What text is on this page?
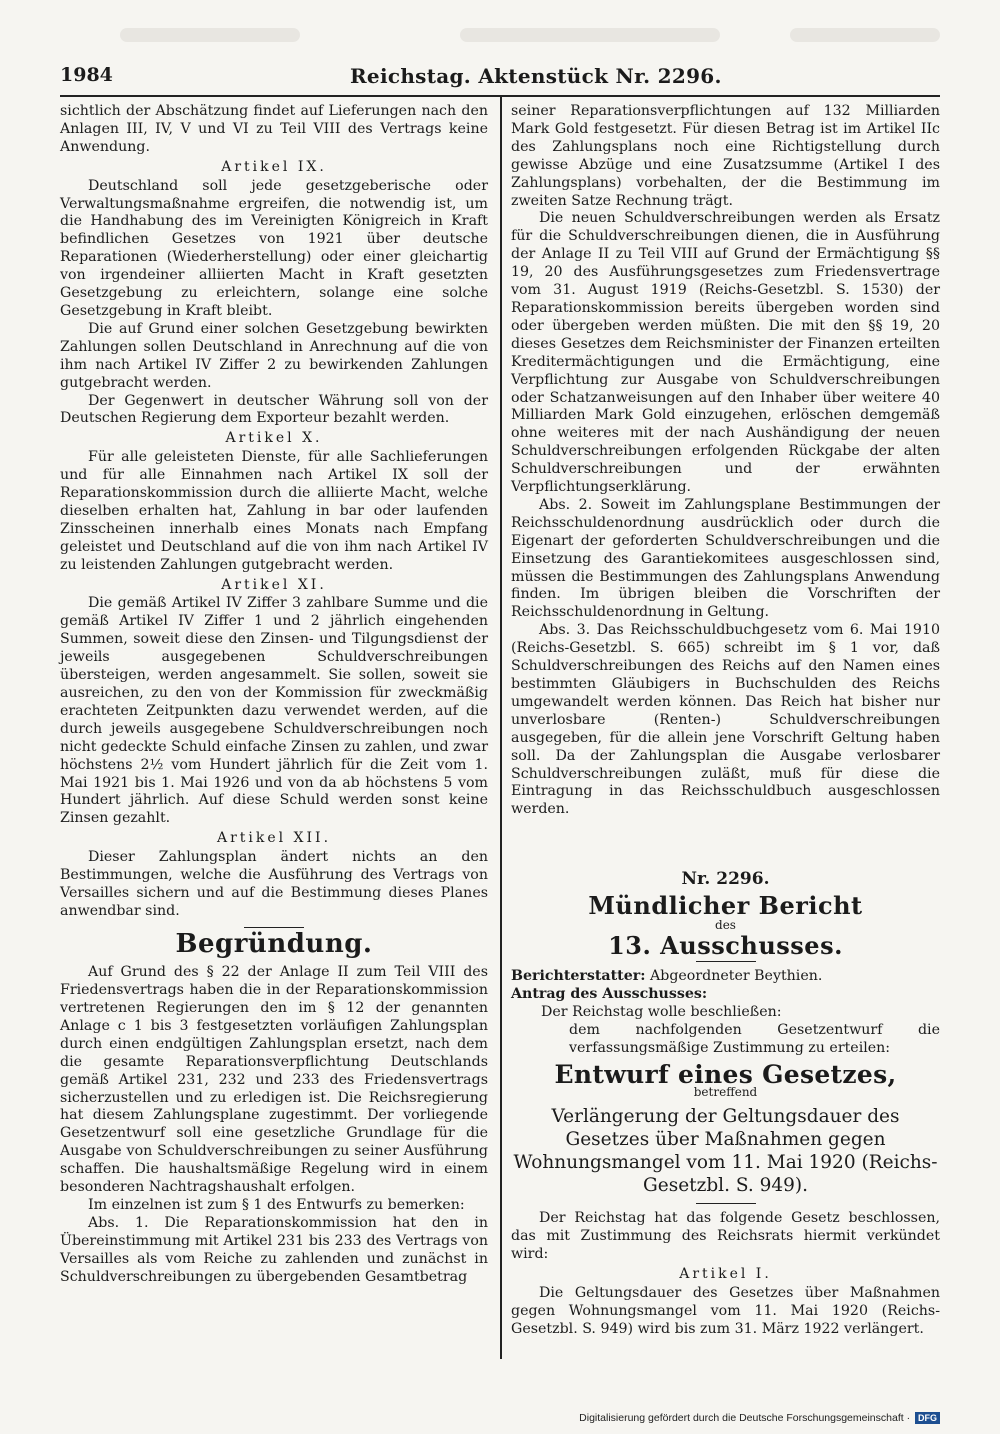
1984	Reichstag. Aktenstück Nr. 2296.

sichtlich der Abschätzung findet auf Lieferungen nach den Anlagen III, IV, V und VI zu Teil VIII des Vertrags keine Anwendung.

Artikel IX.

Deutschland soll jede gesetzgeberische oder Verwaltungsmaßnahme ergreifen, die notwendig ist, um die Handhabung des im Vereinigten Königreich in Kraft befindlichen Gesetzes von 1921 über deutsche Reparationen (Wiederherstellung) oder einer gleichartig von irgendeiner alliierten Macht in Kraft gesetzten Gesetzgebung zu erleichtern, solange eine solche Gesetzgebung in Kraft bleibt.

Die auf Grund einer solchen Gesetzgebung bewirkten Zahlungen sollen Deutschland in Anrechnung auf die von ihm nach Artikel IV Ziffer 2 zu bewirkenden Zahlungen gutgebracht werden.

Der Gegenwert in deutscher Währung soll von der Deutschen Regierung dem Exporteur bezahlt werden.

Artikel X.

Für alle geleisteten Dienste, für alle Sachlieferungen und für alle Einnahmen nach Artikel IX soll der Reparationskommission durch die alliierte Macht, welche dieselben erhalten hat, Zahlung in bar oder laufenden Zinsscheinen innerhalb eines Monats nach Empfang geleistet und Deutschland auf die von ihm nach Artikel IV zu leistenden Zahlungen gutgebracht werden.

Artikel XI.

Die gemäß Artikel IV Ziffer 3 zahlbare Summe und die gemäß Artikel IV Ziffer 1 und 2 jährlich eingehenden Summen, soweit diese den Zinsen- und Tilgungsdienst der jeweils ausgegebenen Schuldverschreibungen übersteigen, werden angesammelt. Sie sollen, soweit sie ausreichen, zu den von der Kommission für zweckmäßig erachteten Zeitpunkten dazu verwendet werden, auf die durch jeweils ausgegebene Schuldverschreibungen noch nicht gedeckte Schuld einfache Zinsen zu zahlen, und zwar höchstens 2½ vom Hundert jährlich für die Zeit vom 1. Mai 1921 bis 1. Mai 1926 und von da ab höchstens 5 vom Hundert jährlich. Auf diese Schuld werden sonst keine Zinsen gezahlt.

Artikel XII.

Dieser Zahlungsplan ändert nichts an den Bestimmungen, welche die Ausführung des Vertrags von Versailles sichern und auf die Bestimmung dieses Planes anwendbar sind.

Begründung.

Auf Grund des § 22 der Anlage II zum Teil VIII des Friedensvertrags haben die in der Reparationskommission vertretenen Regierungen den im § 12 der genannten Anlage c 1 bis 3 festgesetzten vorläufigen Zahlungsplan durch einen endgültigen Zahlungsplan ersetzt, nach dem die gesamte Reparationsverpflichtung Deutschlands gemäß Artikel 231, 232 und 233 des Friedensvertrags sicherzustellen und zu erledigen ist. Die Reichsregierung hat diesem Zahlungsplane zugestimmt. Der vorliegende Gesetzentwurf soll eine gesetzliche Grundlage für die Ausgabe von Schuldverschreibungen zu seiner Ausführung schaffen. Die haushaltsmäßige Regelung wird in einem besonderen Nachtragshaushalt erfolgen.

Im einzelnen ist zum § 1 des Entwurfs zu bemerken:

Abs. 1. Die Reparationskommission hat den in Übereinstimmung mit Artikel 231 bis 233 des Vertrags von Versailles als vom Reiche zu zahlenden und zunächst in Schuldverschreibungen zu übergebenden Gesamtbetrag

seiner Reparationsverpflichtungen auf 132 Milliarden Mark Gold festgesetzt. Für diesen Betrag ist im Artikel IIc des Zahlungsplans noch eine Richtigstellung durch gewisse Abzüge und eine Zusatzsumme (Artikel I des Zahlungsplans) vorbehalten, der die Bestimmung im zweiten Satze Rechnung trägt.

Die neuen Schuldverschreibungen werden als Ersatz für die Schuldverschreibungen dienen, die in Ausführung der Anlage II zu Teil VIII auf Grund der Ermächtigung §§ 19, 20 des Ausführungsgesetzes zum Friedensvertrage vom 31. August 1919 (Reichs-Gesetzbl. S. 1530) der Reparationskommission bereits übergeben worden sind oder übergeben werden müßten. Die mit den §§ 19, 20 dieses Gesetzes dem Reichsminister der Finanzen erteilten Kreditermächtigungen und die Ermächtigung, eine Verpflichtung zur Ausgabe von Schuldverschreibungen oder Schatzanweisungen auf den Inhaber über weitere 40 Milliarden Mark Gold einzugehen, erlöschen demgemäß ohne weiteres mit der nach Aushändigung der neuen Schuldverschreibungen erfolgenden Rückgabe der alten Schuldverschreibungen und der erwähnten Verpflichtungserklärung.

Abs. 2. Soweit im Zahlungsplane Bestimmungen der Reichsschuldenordnung ausdrücklich oder durch die Eigenart der geforderten Schuldverschreibungen und die Einsetzung des Garantiekomitees ausgeschlossen sind, müssen die Bestimmungen des Zahlungsplans Anwendung finden. Im übrigen bleiben die Vorschriften der Reichsschuldenordnung in Geltung.

Abs. 3. Das Reichsschuldbuchgesetz vom 6. Mai 1910 (Reichs-Gesetzbl. S. 665) schreibt im § 1 vor, daß Schuldverschreibungen des Reichs auf den Namen eines bestimmten Gläubigers in Buchschulden des Reichs umgewandelt werden können. Das Reich hat bisher nur unverlosbare (Renten-) Schuldverschreibungen ausgegeben, für die allein jene Vorschrift Geltung haben soll. Da der Zahlungsplan die Ausgabe verlosbarer Schuldverschreibungen zuläßt, muß für diese die Eintragung in das Reichsschuldbuch ausgeschlossen werden.

Nr. 2296.
Mündlicher Bericht
des
13. Ausschusses.

Berichterstatter: Abgeordneter Beythien.

Antrag des Ausschusses:

Der Reichstag wolle beschließen:

dem nachfolgenden Gesetzentwurf die verfassungsmäßige Zustimmung zu erteilen:

Entwurf eines Gesetzes,
betreffend
Verlängerung der Geltungsdauer des Gesetzes über Maßnahmen gegen Wohnungsmangel vom 11. Mai 1920 (Reichs-Gesetzbl. S. 949).

Der Reichstag hat das folgende Gesetz beschlossen, das mit Zustimmung des Reichsrats hiermit verkündet wird:

Artikel I.

Die Geltungsdauer des Gesetzes über Maßnahmen gegen Wohnungsmangel vom 11. Mai 1920 (Reichs-Gesetzbl. S. 949) wird bis zum 31. März 1922 verlängert.

Digitalisierung gefördert durch die Deutsche Forschungsgemeinschaft · DFG
